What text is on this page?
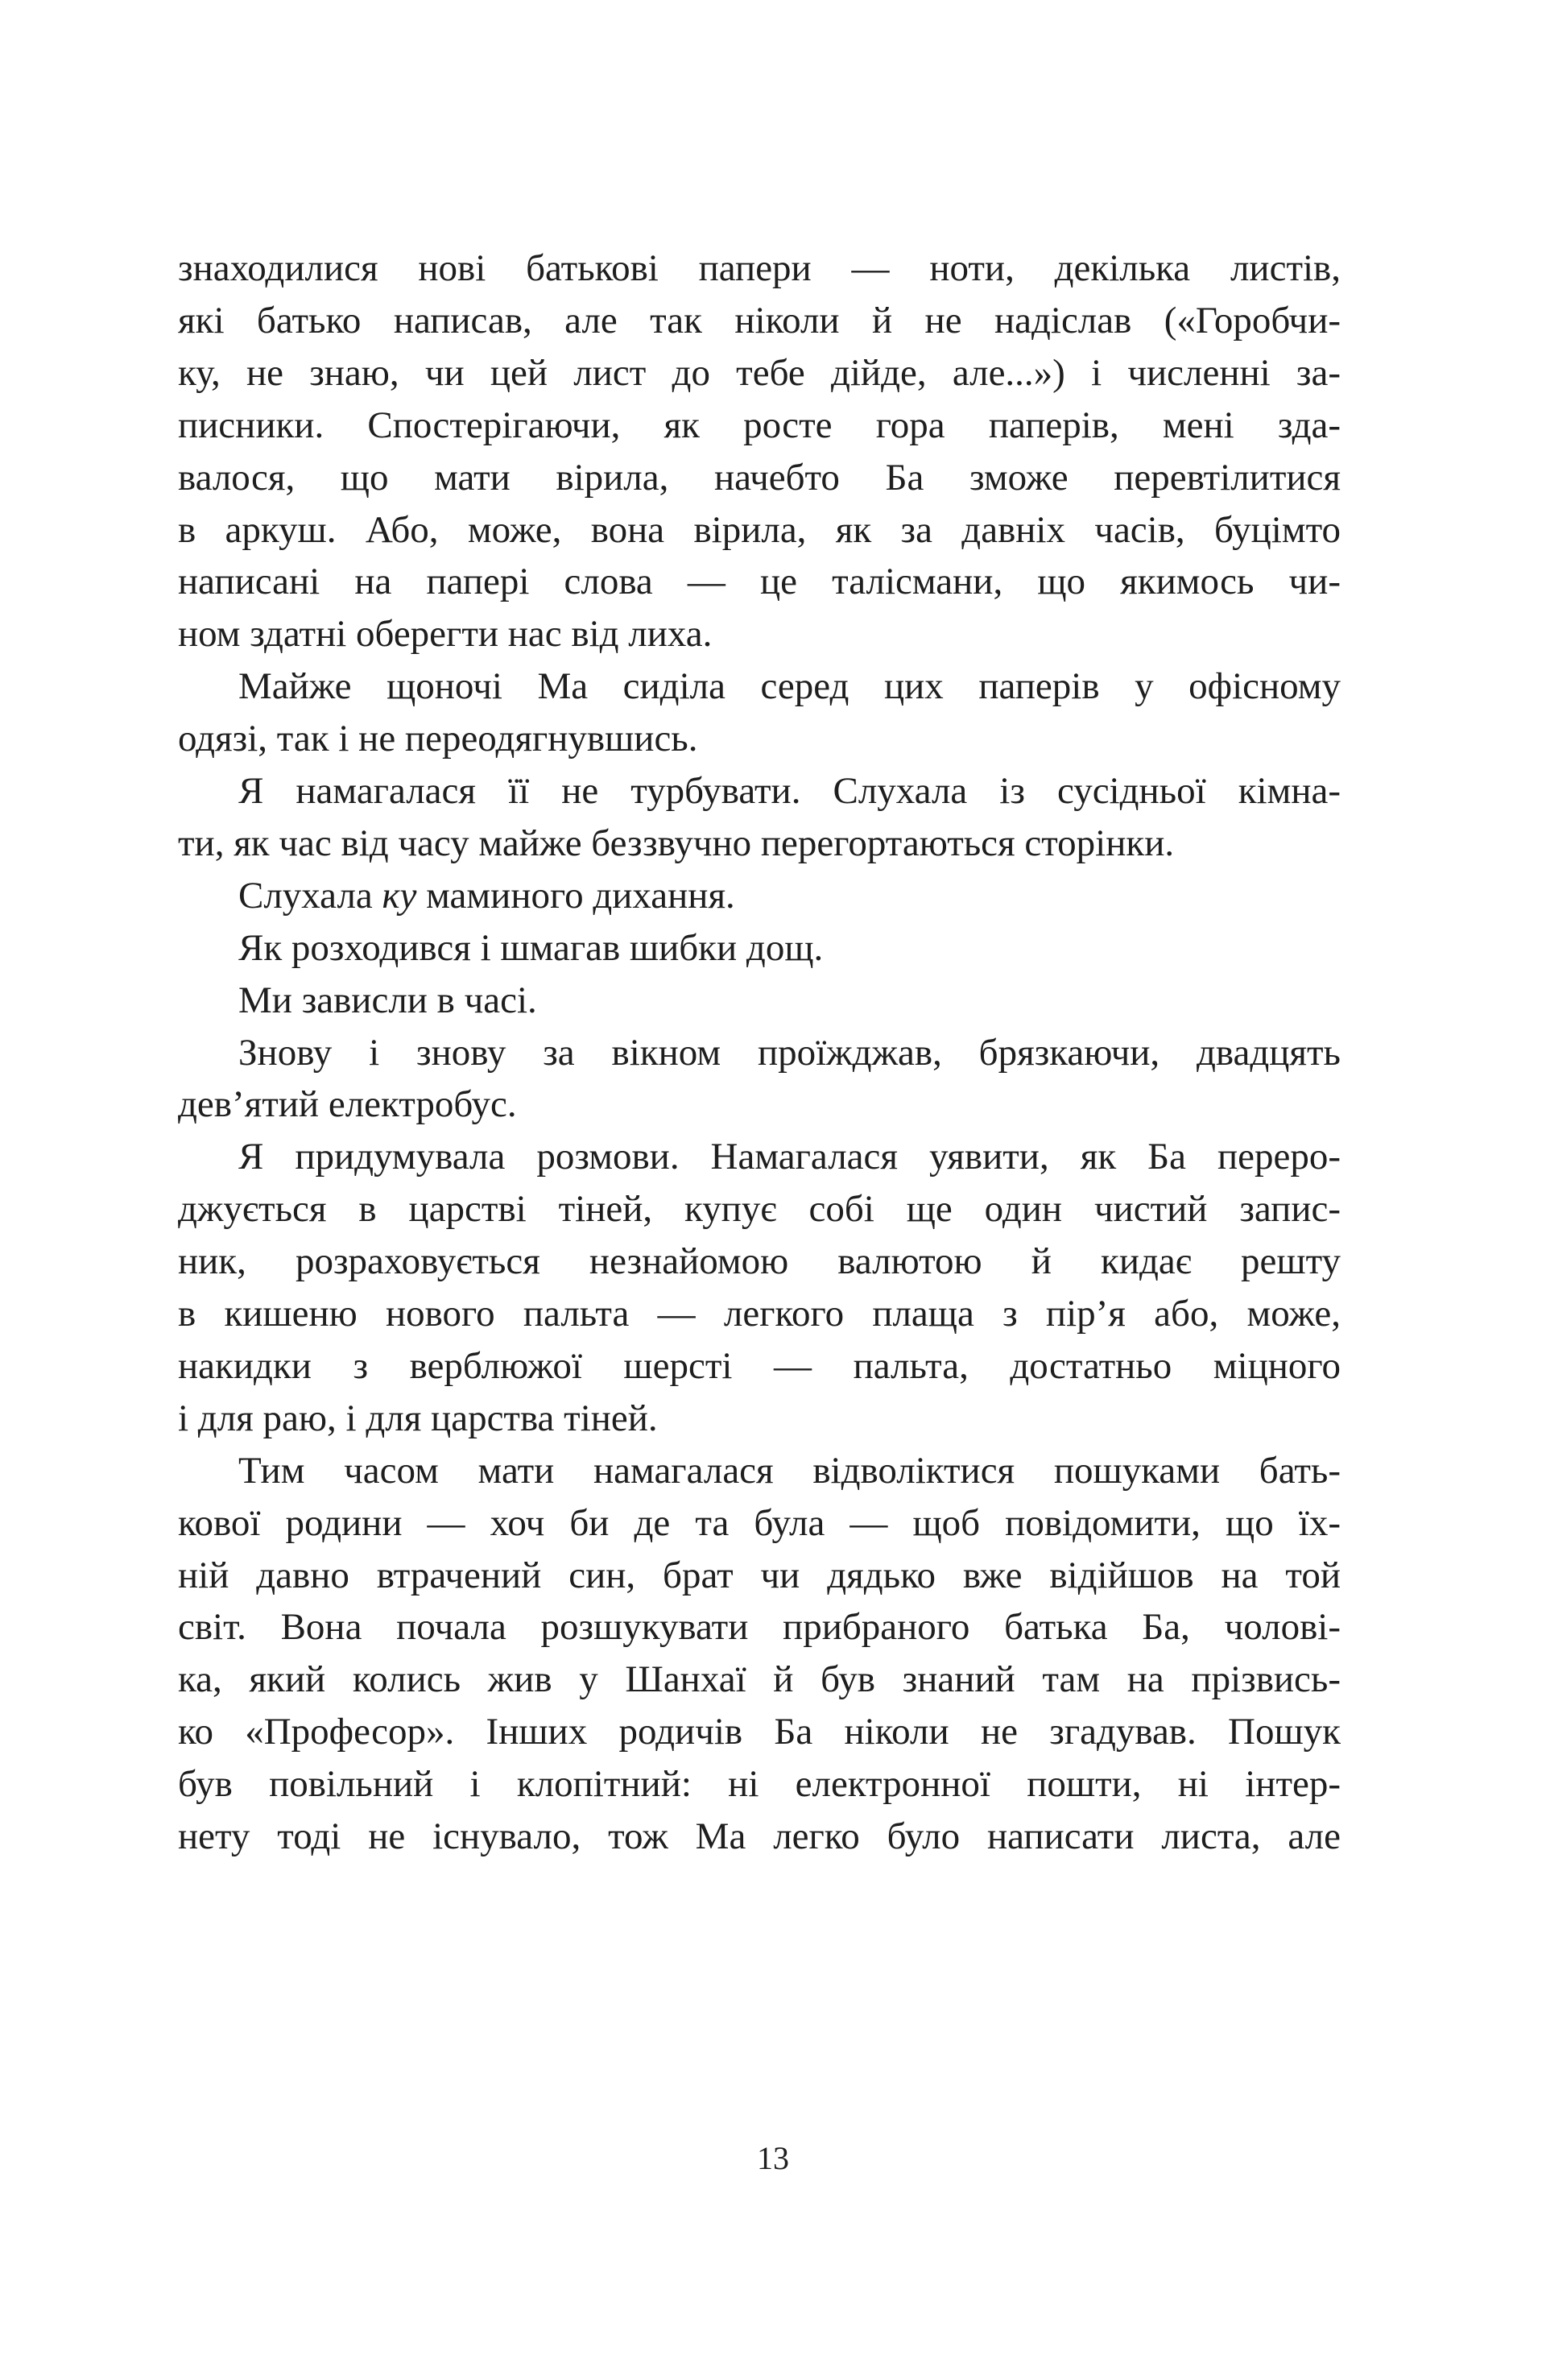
знаходилися нові батькові папери — ноти, декілька листів,
які батько написав, але так ніколи й не надіслав («Горобчи-
ку, не знаю, чи цей лист до тебе дійде, але...») і численні за-
писники. Спостерігаючи, як росте гора паперів, мені зда-
валося, що мати вірила, начебто Ба зможе перевтілитися
в аркуш. Або, може, вона вірила, як за давніх часів, буцімто
написані на папері слова — це талісмани, що якимось чи-
ном здатні оберегти нас від лиха.
Майже щоночі Ма сиділа серед цих паперів у офісному
одязі, так і не переодягнувшись.
Я намагалася її не турбувати. Слухала із сусідньої кімна-
ти, як час від часу майже беззвучно перегортаються сторінки.
Слухала ку маминого дихання.
Як розходився і шмагав шибки дощ.
Ми зависли в часі.
Знову і знову за вікном проїжджав, брязкаючи, двадцять
дев’ятий електробус.
Я придумувала розмови. Намагалася уявити, як Ба переро-
джується в царстві тіней, купує собі ще один чистий запис-
ник, розраховується незнайомою валютою й кидає решту
в кишеню нового пальта — легкого плаща з пір’я або, може,
накидки з верблюжої шерсті — пальта, достатньо міцного
і для раю, і для царства тіней.
Тим часом мати намагалася відволіктися пошуками бать-
кової родини — хоч би де та була — щоб повідомити, що їх-
ній давно втрачений син, брат чи дядько вже відійшов на той
світ. Вона почала розшукувати прибраного батька Ба, чолові-
ка, який колись жив у Шанхаї й був знаний там на прізвись-
ко «Професор». Інших родичів Ба ніколи не згадував. Пошук
був повільний і клопітний: ні електронної пошти, ні інтер-
нету тоді не існувало, тож Ма легко було написати листа, але
13
